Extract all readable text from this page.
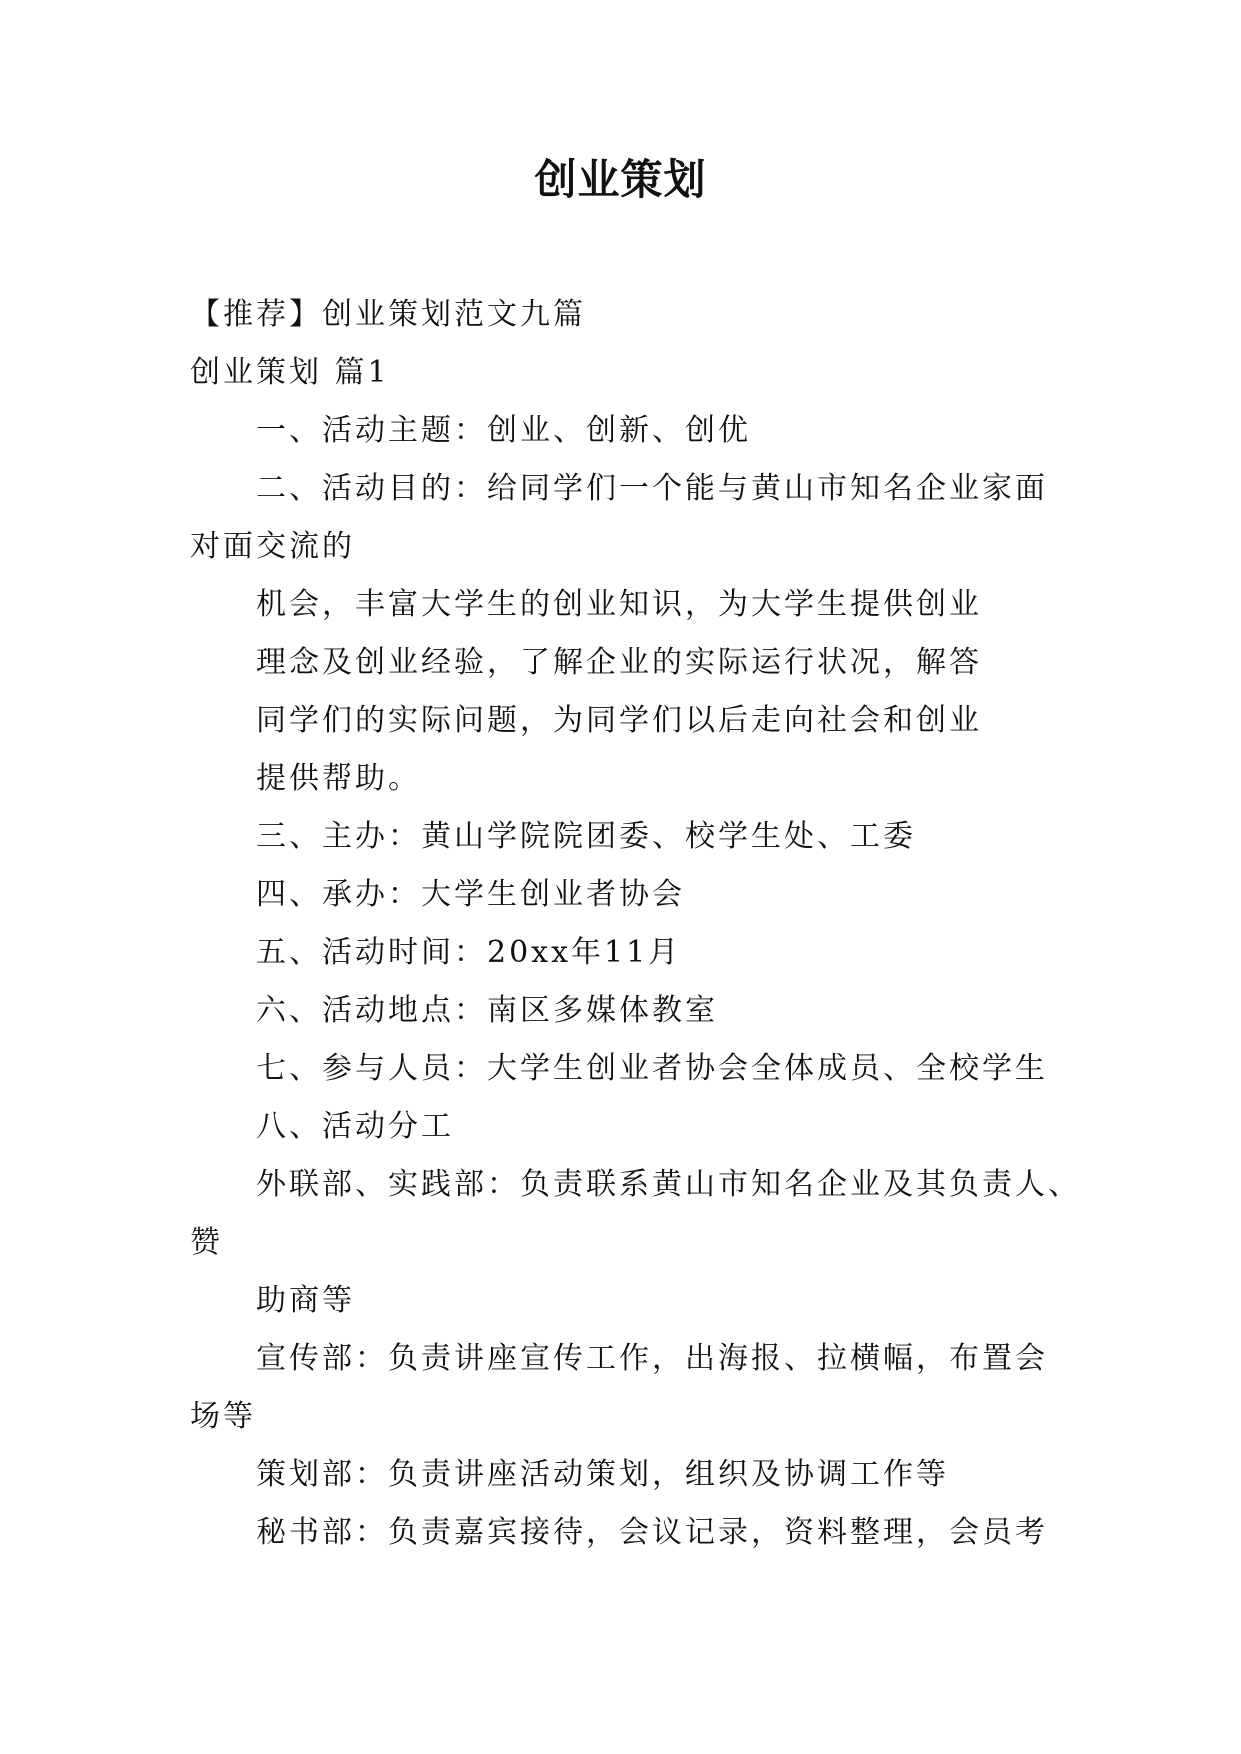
创业策划
【推荐】创业策划范文九篇
创业策划 篇1
一、活动主题：创业、创新、创优
二、活动目的：给同学们一个能与黄山市知名企业家面
对面交流的
机会，丰富大学生的创业知识，为大学生提供创业
理念及创业经验，了解企业的实际运行状况，解答
同学们的实际问题，为同学们以后走向社会和创业
提供帮助。
三、主办：黄山学院院团委、校学生处、工委
四、承办：大学生创业者协会
五、活动时间：20xx年11月
六、活动地点：南区多媒体教室
七、参与人员：大学生创业者协会全体成员、全校学生
八、活动分工
外联部、实践部：负责联系黄山市知名企业及其负责人、
赞
助商等
宣传部：负责讲座宣传工作，出海报、拉横幅，布置会
场等
策划部：负责讲座活动策划，组织及协调工作等
秘书部：负责嘉宾接待，会议记录，资料整理，会员考
